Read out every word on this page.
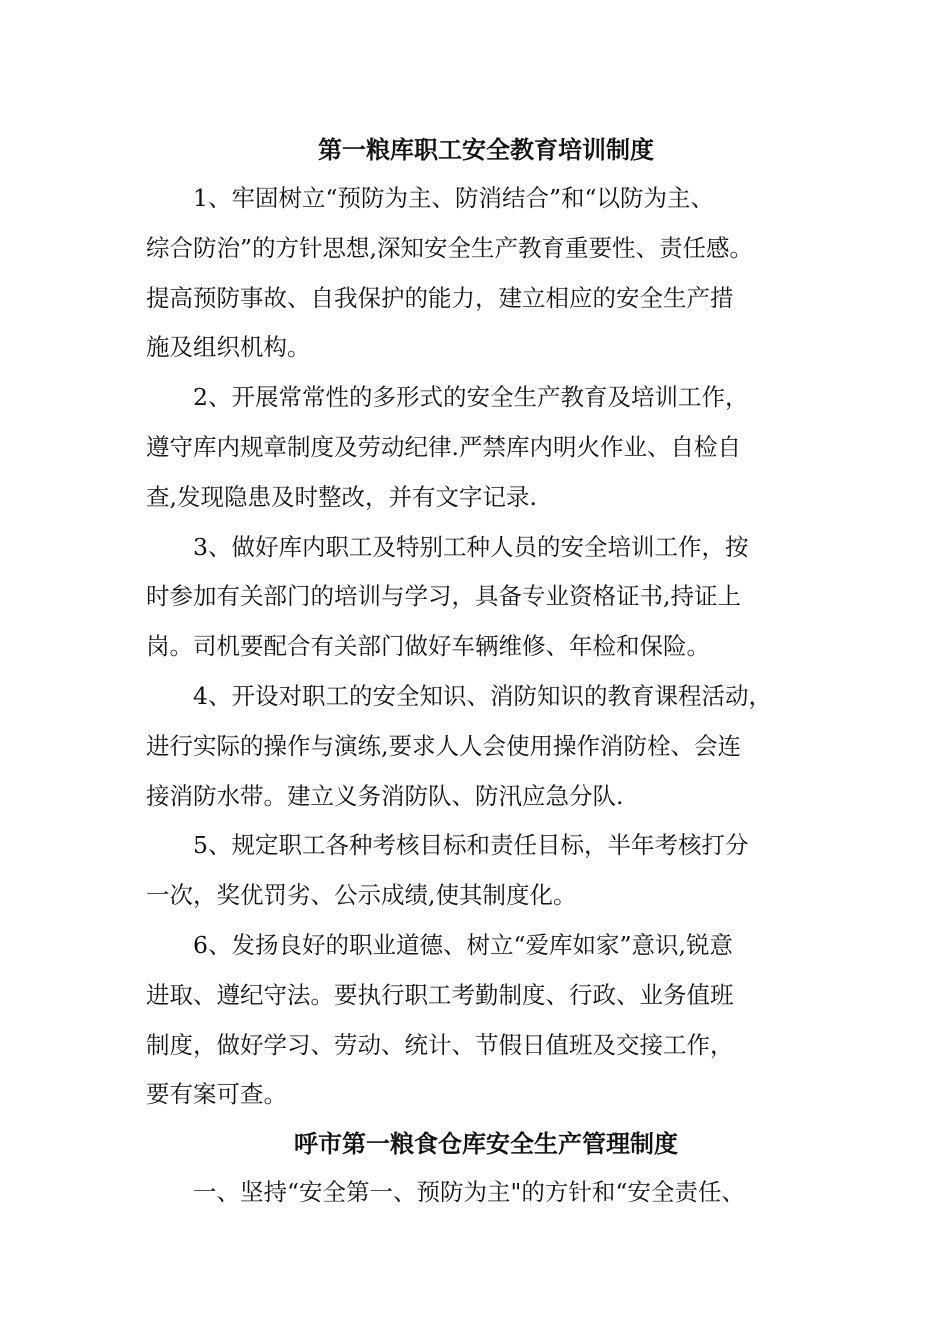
第一粮库职工安全教育培训制度
1、牢固树立“预防为主、防消结合”和“以防为主、
综合防治”的方针思想,深知安全生产教育重要性、责任感。
提高预防事故、自我保护的能力，建立相应的安全生产措
施及组织机构。
2、开展常常性的多形式的安全生产教育及培训工作，
遵守库内规章制度及劳动纪律.严禁库内明火作业、自检自
查,发现隐患及时整改，并有文字记录.
3、做好库内职工及特别工种人员的安全培训工作，按
时参加有关部门的培训与学习，具备专业资格证书,持证上
岗。司机要配合有关部门做好车辆维修、年检和保险。
4、开设对职工的安全知识、消防知识的教育课程活动，
进行实际的操作与演练,要求人人会使用操作消防栓、会连
接消防水带。建立义务消防队、防汛应急分队.
5、规定职工各种考核目标和责任目标，半年考核打分
一次，奖优罚劣、公示成绩,使其制度化。
6、发扬良好的职业道德、树立“爱库如家”意识,锐意
进取、遵纪守法。要执行职工考勤制度、行政、业务值班
制度，做好学习、劳动、统计、节假日值班及交接工作，
要有案可查。
呼市第一粮食仓库安全生产管理制度
一、坚持“安全第一、预防为主"的方针和“安全责任、
